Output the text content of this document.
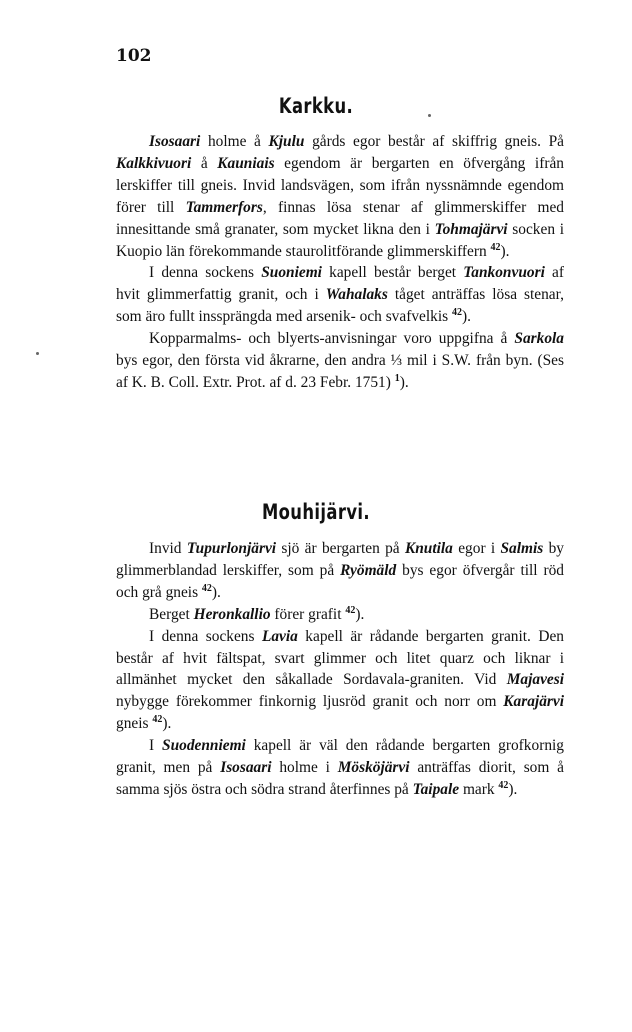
102
Karkku.

Isosaari holme å Kjulu gårds egor består af skiffrig gneis. På Kalkkivuori å Kauniais egendom är bergarten en öfvergång ifrån lerskiffer till gneis. Invid landsvägen, som ifrån nyssnämnde egendom förer till Tammerfors, finnas lösa stenar af glimmerskiffer med innesittande små granater, som mycket likna den i Tohmajärvi socken i Kuopio län förekommande staurolitförande glimmerskiffern $^{42}$).

I denna sockens Suoniemi kapell består berget Tankonvuori af hvit glimmerfattig granit, och i Wahalaks tåget anträffas lösa stenar, som äro fullt inssprängda med arsenik- och svafvelkis $^{42}$).

Kopparmalms- och blyerts-anvisningar voro uppgifna å Sarkola bys egor, den första vid åkrarne, den andra ⅓ mil i S.W. från byn. (Ses af K. B. Coll. Extr. Prot. af d. 23 Febr. 1751) $^1$).

Mouhijärvi.

Invid Tupurlonjärvi sjö är bergarten på Knutila egor i Salmis by glimmerblandad lerskiffer, som på Ryömäld bys egor öfvergår till röd och grå gneis $^{42}$).

Berget Heronkallio förer grafit $^{42}$).

I denna sockens Lavia kapell är rådande bergarten granit. Den består af hvit fältspat, svart glimmer och litet quarz och liknar i allmänhet mycket den såkallade Sordavala-graniten. Vid Majavesi nybygge förekommer finkornig ljusröd granit och norr om Karajärvi gneis $^{42}$).

I Suodenniemi kapell är väl den rådande bergarten grofkornig granit, men på Isosaari holme i Mösköjärvi anträffas diorit, som å samma sjös östra och södra strand återfinnes på Taipale mark $^{42}$).
